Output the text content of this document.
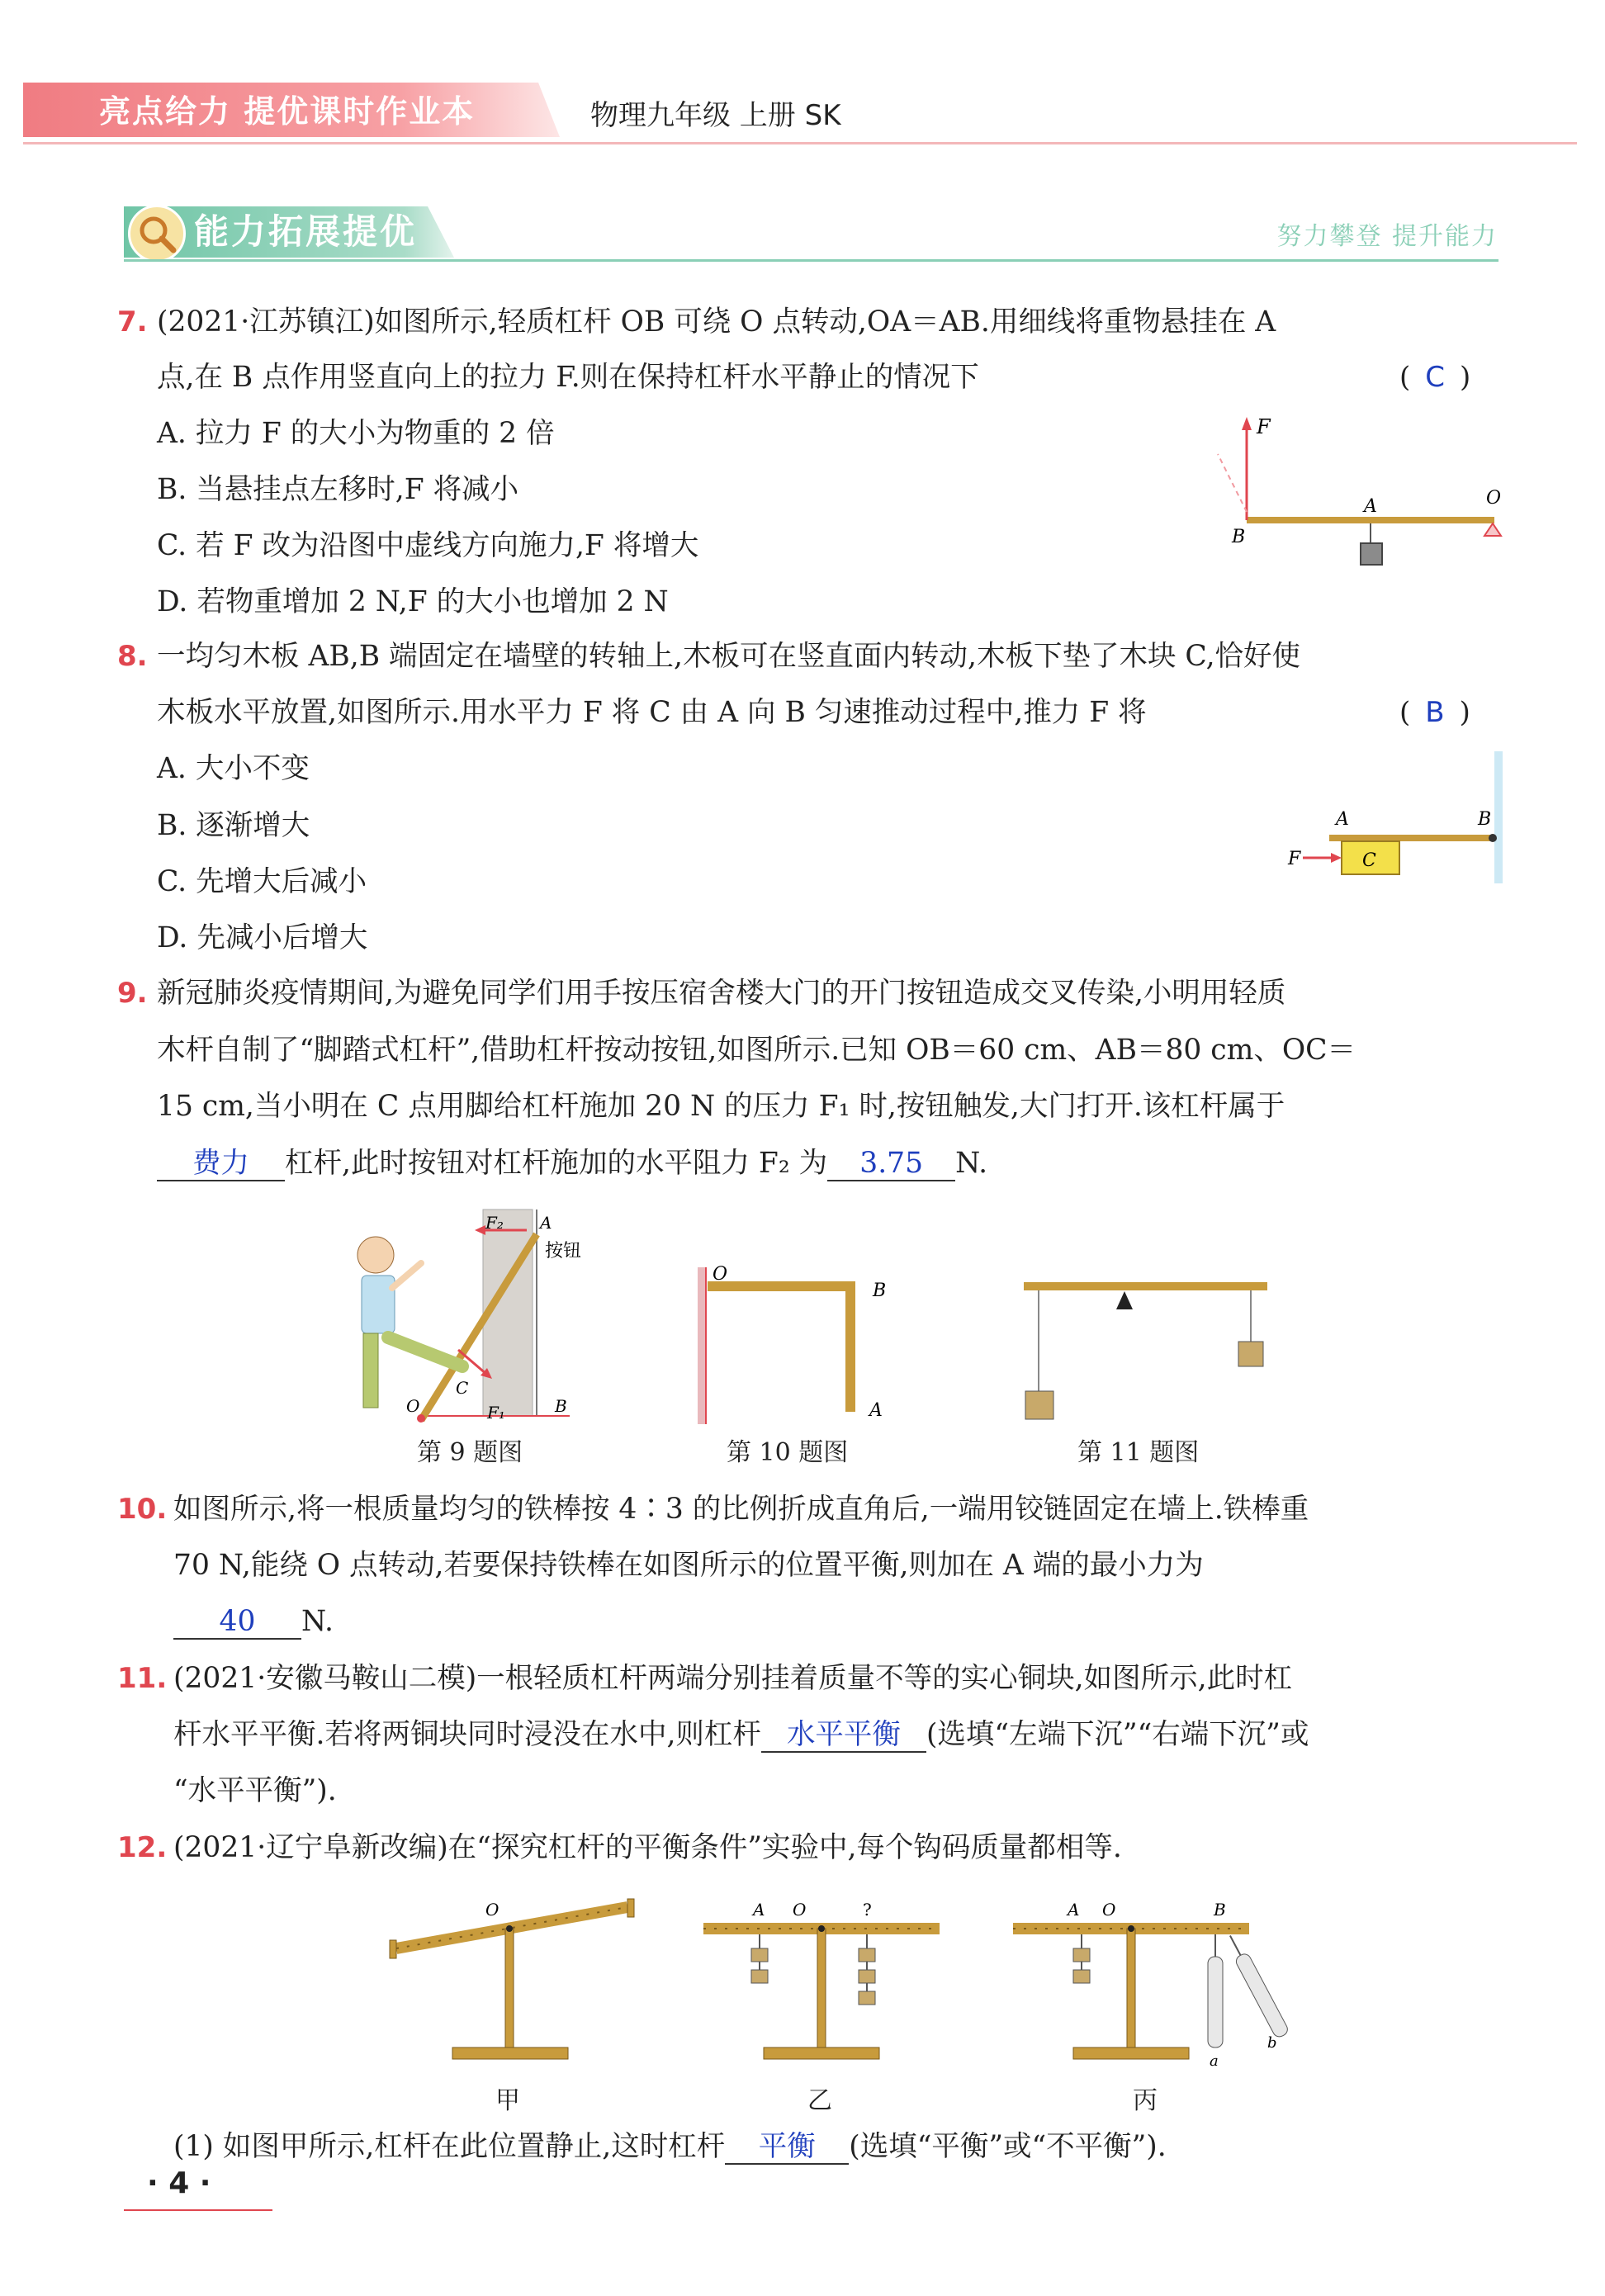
亮点给力 提优课时作业本	物理九年级 上册 SK
能力拓展提优	努力攀登 提升能力
7. (2021·江苏镇江)如图所示,轻质杠杆 OB 可绕 O 点转动,OA＝AB.用细线将重物悬挂在 A
点,在 B 点作用竖直向上的拉力 F.则在保持杠杆水平静止的情况下	( C )
A. 拉力 F 的大小为物重的 2 倍
B. 当悬挂点左移时,F 将减小
C. 若 F 改为沿图中虚线方向施力,F 将增大
D. 若物重增加 2 N,F 的大小也增加 2 N
F
A
B
O
8. 一均匀木板 AB,B 端固定在墙壁的转轴上,木板可在竖直面内转动,木板下垫了木块 C,恰好使
木板水平放置,如图所示.用水平力 F 将 C 由 A 向 B 匀速推动过程中,推力 F 将	( B )
A. 大小不变
B. 逐渐增大
C. 先增大后减小
D. 先减小后增大
A	B
C
F
9. 新冠肺炎疫情期间,为避免同学们用手按压宿舍楼大门的开门按钮造成交叉传染,小明用轻质
木杆自制了“脚踏式杠杆”,借助杠杆按动按钮,如图所示.已知 OB＝60 cm、AB＝80 cm、OC＝
15 cm,当小明在 C 点用脚给杠杆施加 20 N 的压力 F₁ 时,按钮触发,大门打开.该杠杆属于
费力 杠杆,此时按钮对杠杆施加的水平阻力 F₂ 为 3.75 N.
F₂ A
按钮
O
C
F₁	B
第 9 题图
O
B
A
第 10 题图	第 11 题图
10. 如图所示,将一根质量均匀的铁棒按 4∶3 的比例折成直角后,一端用铰链固定在墙上.铁棒重
70 N,能绕 O 点转动,若要保持铁棒在如图所示的位置平衡,则加在 A 端的最小力为
40 N.
11. (2021·安徽马鞍山二模)一根轻质杠杆两端分别挂着质量不等的实心铜块,如图所示,此时杠
杆水平平衡.若将两铜块同时浸没在水中,则杠杆 水平平衡 (选填“左端下沉”“右端下沉”或
“水平平衡”).
12. (2021·辽宁阜新改编)在“探究杠杆的平衡条件”实验中,每个钩码质量都相等.
O
甲
A O	?
乙
A O	B
a
b
丙
(1) 如图甲所示,杠杆在此位置静止,这时杠杆 平衡 (选填“平衡”或“不平衡”).
· 4 ·
